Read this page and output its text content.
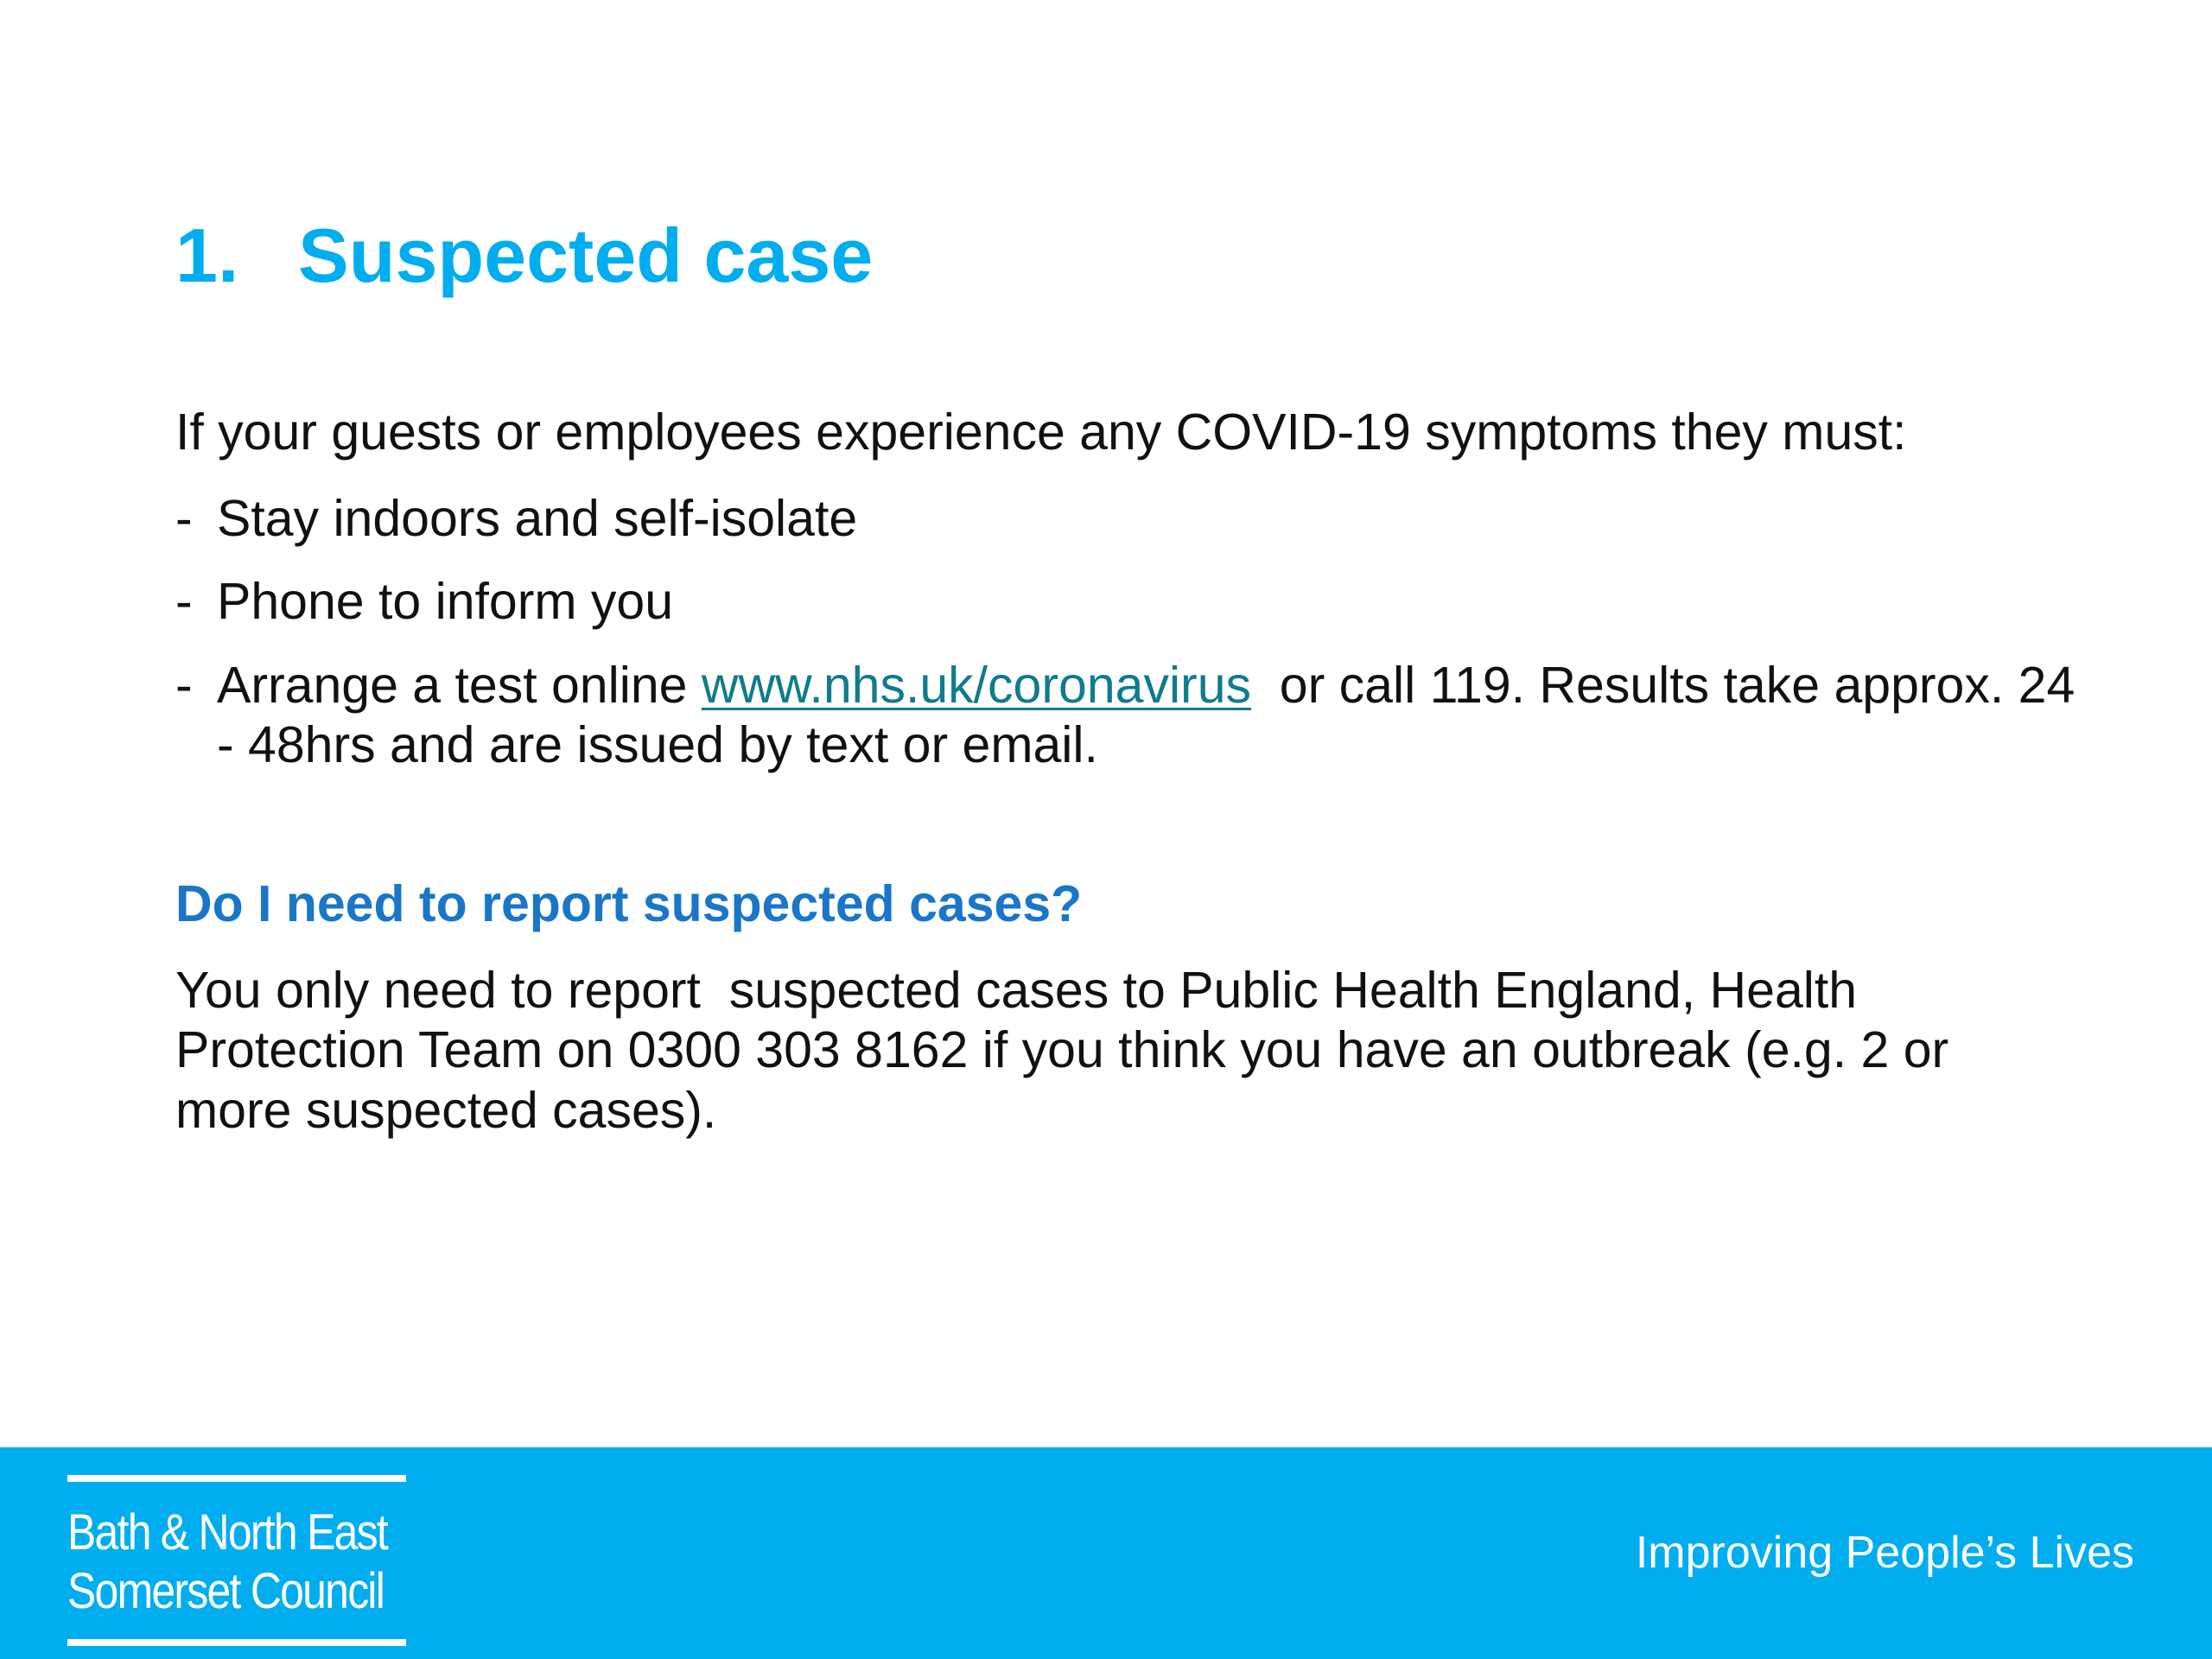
1. Suspected case

If your guests or employees experience any COVID-19 symptoms they must:

- Stay indoors and self-isolate
- Phone to inform you
- Arrange a test online www.nhs.uk/coronavirus  or call 119. Results take approx. 24 - 48hrs and are issued by text or email.
Do I need to report suspected cases?

You only need to report  suspected cases to Public Health England, Health Protection Team on 0300 303 8162 if you think you have an outbreak (e.g. 2 or more suspected cases).

Bath & North East
Somerset Council
Improving People’s Lives
